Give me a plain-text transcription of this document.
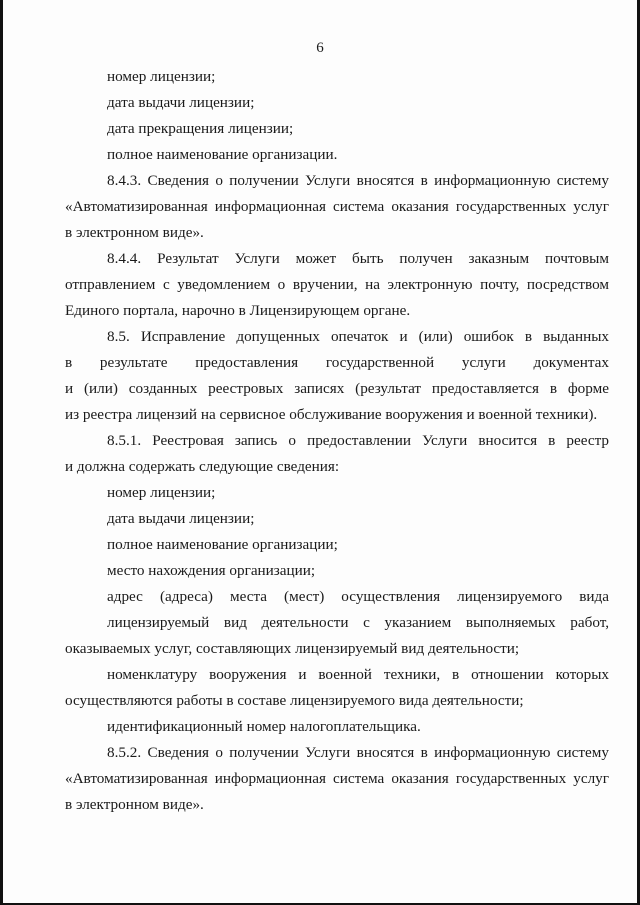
6
номер лицензии;
дата выдачи лицензии;
дата прекращения лицензии;
полное наименование организации.
8.4.3. Сведения о получении Услуги вносятся в информационную систему
«Автоматизированная информационная система оказания государственных услуг
в электронном виде».
8.4.4. Результат Услуги может быть получен заказным почтовым
отправлением с уведомлением о вручении, на электронную почту, посредством
Единого портала, нарочно в Лицензирующем органе.
8.5. Исправление допущенных опечаток и (или) ошибок в выданных
в результате предоставления государственной услуги документах
и (или) созданных реестровых записях (результат предоставляется в форме
из реестра лицензий на сервисное обслуживание вооружения и военной техники).
8.5.1. Реестровая запись о предоставлении Услуги вносится в реестр
и должна содержать следующие сведения:
номер лицензии;
дата выдачи лицензии;
полное наименование организации;
место нахождения организации;
адрес (адреса) места (мест) осуществления лицензируемого вида
лицензируемый вид деятельности с указанием выполняемых работ,
оказываемых услуг, составляющих лицензируемый вид деятельности;
номенклатуру вооружения и военной техники, в отношении которых
осуществляются работы в составе лицензируемого вида деятельности;
идентификационный номер налогоплательщика.
8.5.2. Сведения о получении Услуги вносятся в информационную систему
«Автоматизированная информационная система оказания государственных услуг
в электронном виде».
